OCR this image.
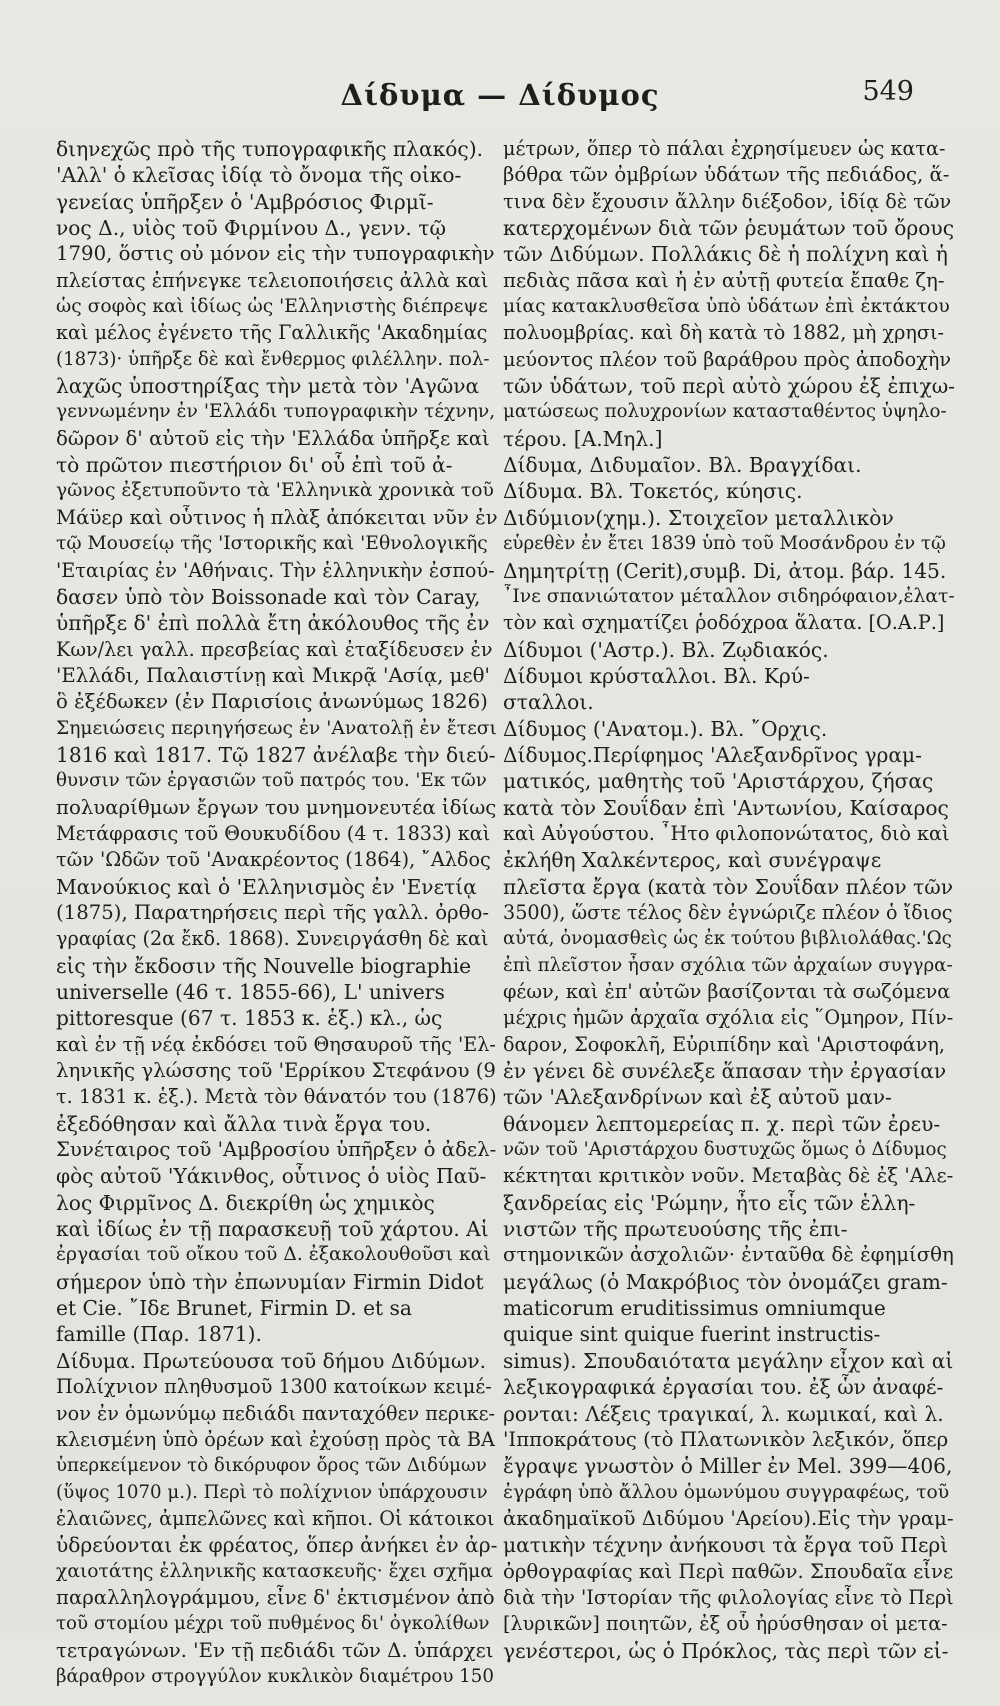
Δίδυμα — Δίδυμος	549
διηνεχῶς πρὸ τῆς τυπογραφικῆς πλακός).
'Αλλ' ὁ κλεῖσας ἰδίᾳ τὸ ὄνομα τῆς οἰκο-
γενείας ὑπῆρξεν ὁ 'Αμβρόσιος Φιρμῖ-
νος Δ., υἱὸς τοῦ Φιρμίνου Δ., γενν. τῷ
1790, ὅστις οὐ μόνον εἰς τὴν τυπογραφικὴν
πλείστας ἐπήνεγκε τελειοποιήσεις ἀλλὰ καὶ
ὡς σοφὸς καὶ ἰδίως ὡς 'Ελληνιστὴς διέπρεψε
καὶ μέλος ἐγένετο τῆς Γαλλικῆς 'Ακαδημίας
(1873)· ὑπῆρξε δὲ καὶ ἔνθερμος φιλέλλην. πολ-
λαχῶς ὑποστηρίξας τὴν μετὰ τὸν 'Αγῶνα
γεννωμένην ἐν 'Ελλάδι τυπογραφικὴν τέχνην,
δῶρον δ' αὐτοῦ εἰς τὴν 'Ελλάδα ὑπῆρξε καὶ
τὸ πρῶτον πιεστήριον δι' οὗ ἐπὶ τοῦ ἀ-
γῶνος ἐξετυποῦντο τὰ 'Ελληνικὰ χρονικὰ τοῦ
Μάϋερ καὶ οὗτινος ἡ πλὰξ ἀπόκειται νῦν ἐν
τῷ Μουσείῳ τῆς 'Ιστορικῆς καὶ 'Εθνολογικῆς
'Εταιρίας ἐν 'Αθήναις. Τὴν ἑλληνικὴν ἐσπού-
δασεν ὑπὸ τὸν Boissonade καὶ τὸν Caray,
ὑπῆρξε δ' ἐπὶ πολλὰ ἔτη ἀκόλουθος τῆς ἐν
Κων/λει γαλλ. πρεσβείας καὶ ἐταξίδευσεν ἐν
'Ελλάδι, Παλαιστίνῃ καὶ Μικρᾷ 'Ασίᾳ, μεθ'
ὃ ἐξέδωκεν (ἐν Παρισίοις ἀνωνύμως 1826)
Σημειώσεις περιηγήσεως ἐν 'Ανατολῇ ἐν ἔτεσι
1816 καὶ 1817. Τῷ 1827 ἀνέλαβε τὴν διεύ-
θυνσιν τῶν ἐργασιῶν τοῦ πατρός του. 'Εκ τῶν
πολυαρίθμων ἔργων του μνημονευτέα ἰδίως
Μετάφρασις τοῦ Θουκυδίδου (4 τ. 1833) καὶ
τῶν 'Ωδῶν τοῦ 'Ανακρέοντος (1864), ῎Αλδος
Μανούκιος καὶ ὁ 'Ελληνισμὸς ἐν 'Ενετίᾳ
(1875), Παρατηρήσεις περὶ τῆς γαλλ. ὀρθο-
γραφίας (2α ἔκδ. 1868). Συνειργάσθη δὲ καὶ
εἰς τὴν ἔκδοσιν τῆς Nouvelle biographie
universelle (46 τ. 1855-66), L' univers
pittoresque (67 τ. 1853 κ. ἑξ.) κλ., ὡς
καὶ ἐν τῇ νέᾳ ἐκδόσει τοῦ Θησαυροῦ τῆς 'Ελ-
ληνικῆς γλώσσης τοῦ 'Ερρίκου Στεφάνου (9
τ. 1831 κ. ἑξ.). Μετὰ τὸν θάνατόν του (1876)
ἐξεδόθησαν καὶ ἄλλα τινὰ ἔργα του.
Συνέταιρος τοῦ 'Αμβροσίου ὑπῆρξεν ὁ ἀδελ-
φὸς αὐτοῦ 'Υάκινθος, οὗτινος ὁ υἱὸς Παῦ-
λος Φιρμῖνος Δ. διεκρίθη ὡς χημικὸς
καὶ ἰδίως ἐν τῇ παρασκευῇ τοῦ χάρτου. Αἱ
ἐργασίαι τοῦ οἴκου τοῦ Δ. ἐξακολουθοῦσι καὶ
σήμερον ὑπὸ τὴν ἐπωνυμίαν Firmin Didot
et Cie. ῎Ιδε Brunet, Firmin D. et sa
famille (Παρ. 1871).
Δίδυμα. Πρωτεύουσα τοῦ δήμου Διδύμων.
Πολίχνιον πληθυσμοῦ 1300 κατοίκων κειμέ-
νον ἐν ὁμωνύμῳ πεδιάδι πανταχόθεν περικε-
κλεισμένη ὑπὸ ὀρέων καὶ ἐχούσῃ πρὸς τὰ ΒΑ
ὑπερκείμενον τὸ δικόρυφον ὄρος τῶν Διδύμων
(ὕψος 1070 μ.). Περὶ τὸ πολίχνιον ὑπάρχουσιν
ἐλαιῶνες, ἀμπελῶνες καὶ κῆποι. Οἱ κάτοικοι
ὑδρεύονται ἐκ φρέατος, ὅπερ ἀνήκει ἐν ἀρ-
χαιοτάτης ἑλληνικῆς κατασκευῆς· ἔχει σχῆμα
παραλληλογράμμου, εἶνε δ' ἐκτισμένον ἀπὸ
τοῦ στομίου μέχρι τοῦ πυθμένος δι' ὀγκολίθων
τετραγώνων. 'Εν τῇ πεδιάδι τῶν Δ. ὑπάρχει
βάραθρον στρογγύλον κυκλικὸν διαμέτρου 150
μέτρων, ὅπερ τὸ πάλαι ἐχρησίμευεν ὡς κατα-
βόθρα τῶν ὀμβρίων ὑδάτων τῆς πεδιάδος, ἅ-
τινα δὲν ἔχουσιν ἄλλην διέξοδον, ἰδίᾳ δὲ τῶν
κατερχομένων διὰ τῶν ῥευμάτων τοῦ ὄρους
τῶν Διδύμων. Πολλάκις δὲ ἡ πολίχνη καὶ ἡ
πεδιὰς πᾶσα καὶ ἡ ἐν αὐτῇ φυτεία ἔπαθε ζη-
μίας κατακλυσθεῖσα ὑπὸ ὑδάτων ἐπὶ ἐκτάκτου
πολυομβρίας. καὶ δὴ κατὰ τὸ 1882, μὴ χρησι-
μεύοντος πλέον τοῦ βαράθρου πρὸς ἀποδοχὴν
τῶν ὑδάτων, τοῦ περὶ αὐτὸ χώρου ἐξ ἐπιχω-
ματώσεως πολυχρονίων κατασταθέντος ὑψηλο-
τέρου. [Α.Μηλ.]
Δίδυμα, Διδυμαῖον. Βλ. Βραγχίδαι.
Δίδυμα. Βλ. Τοκετός, κύησις.
Διδύμιον(χημ.). Στοιχεῖον μεταλλικὸν
εὑρεθὲν ἐν ἔτει 1839 ὑπὸ τοῦ Μοσάνδρου ἐν τῷ
Δημητρίτῃ (Cerit),συμβ. Di, ἀτομ. βάρ. 145.
῏Ινε σπανιώτατον μέταλλον σιδηρόφαιον,ἐλατ-
τὸν καὶ σχηματίζει ῥοδόχροα ἅλατα. [Ο.Α.Ρ.]
Δίδυμοι ('Αστρ.). Βλ. Ζῳδιακός.
Δίδυμοι κρύσταλλοι. Βλ. Κρύ-
σταλλοι.
Δίδυμος ('Ανατομ.). Βλ. ῎Ορχις.
Δίδυμος.Περίφημος 'Αλεξανδρῖνος γραμ-
ματικός, μαθητὴς τοῦ 'Αριστάρχου, ζήσας
κατὰ τὸν Σουΐδαν ἐπὶ 'Αντωνίου, Καίσαρος
καὶ Αὐγούστου. ῏Ητο φιλοπονώτατος, διὸ καὶ
ἐκλήθη Χαλκέντερος, καὶ συνέγραψε
πλεῖστα ἔργα (κατὰ τὸν Σουΐδαν πλέον τῶν
3500), ὥστε τέλος δὲν ἐγνώριζε πλέον ὁ ἴδιος
αὐτά, ὀνομασθεὶς ὡς ἐκ τούτου βιβλιολάθας.'Ως
ἐπὶ πλεῖστον ἦσαν σχόλια τῶν ἀρχαίων συγγρα-
φέων, καὶ ἐπ' αὐτῶν βασίζονται τὰ σωζόμενα
μέχρις ἡμῶν ἀρχαῖα σχόλια εἰς ῞Ομηρον, Πίν-
δαρον, Σοφοκλῆ, Εὐριπίδην καὶ 'Αριστοφάνη,
ἐν γένει δὲ συνέλεξε ἅπασαν τὴν ἐργασίαν
τῶν 'Αλεξανδρίνων καὶ ἐξ αὐτοῦ μαν-
θάνομεν λεπτομερείας π. χ. περὶ τῶν ἐρευ-
νῶν τοῦ 'Αριστάρχου δυστυχῶς ὅμως ὁ Δίδυμος
κέκτηται κριτικὸν νοῦν. Μεταβὰς δὲ ἐξ 'Αλε-
ξανδρείας εἰς 'Ρώμην, ἦτο εἷς τῶν ἑλλη-
νιστῶν τῆς πρωτευούσης τῆς ἐπι-
στημονικῶν ἀσχολιῶν· ἐνταῦθα δὲ ἐφημίσθη
μεγάλως (ὁ Μακρόβιος τὸν ὀνομάζει gram-
maticorum eruditissimus omniumque
quique sint quique fuerint instructis-
simus). Σπουδαιότατα μεγάλην εἶχον καὶ αἱ
λεξικογραφικά ἐργασίαι του. ἐξ ὧν ἀναφέ-
ρονται: Λέξεις τραγικαί, λ. κωμικαί, καὶ λ.
'Ιπποκράτους (τὸ Πλατωνικὸν λεξικόν, ὅπερ
ἔγραψε γνωστὸν ὁ Miller ἐν Mel. 399—406,
ἐγράφη ὑπὸ ἄλλου ὁμωνύμου συγγραφέως, τοῦ
ἀκαδημαϊκοῦ Διδύμου 'Αρείου).Εἰς τὴν γραμ-
ματικὴν τέχνην ἀνήκουσι τὰ ἔργα τοῦ Περὶ
ὀρθογραφίας καὶ Περὶ παθῶν. Σπουδαῖα εἶνε
διὰ τὴν 'Ιστορίαν τῆς φιλολογίας εἶνε τὸ Περὶ
[λυρικῶν] ποιητῶν, ἐξ οὗ ἠρύσθησαν οἱ μετα-
γενέστεροι, ὡς ὁ Πρόκλος, τὰς περὶ τῶν εἰ-
